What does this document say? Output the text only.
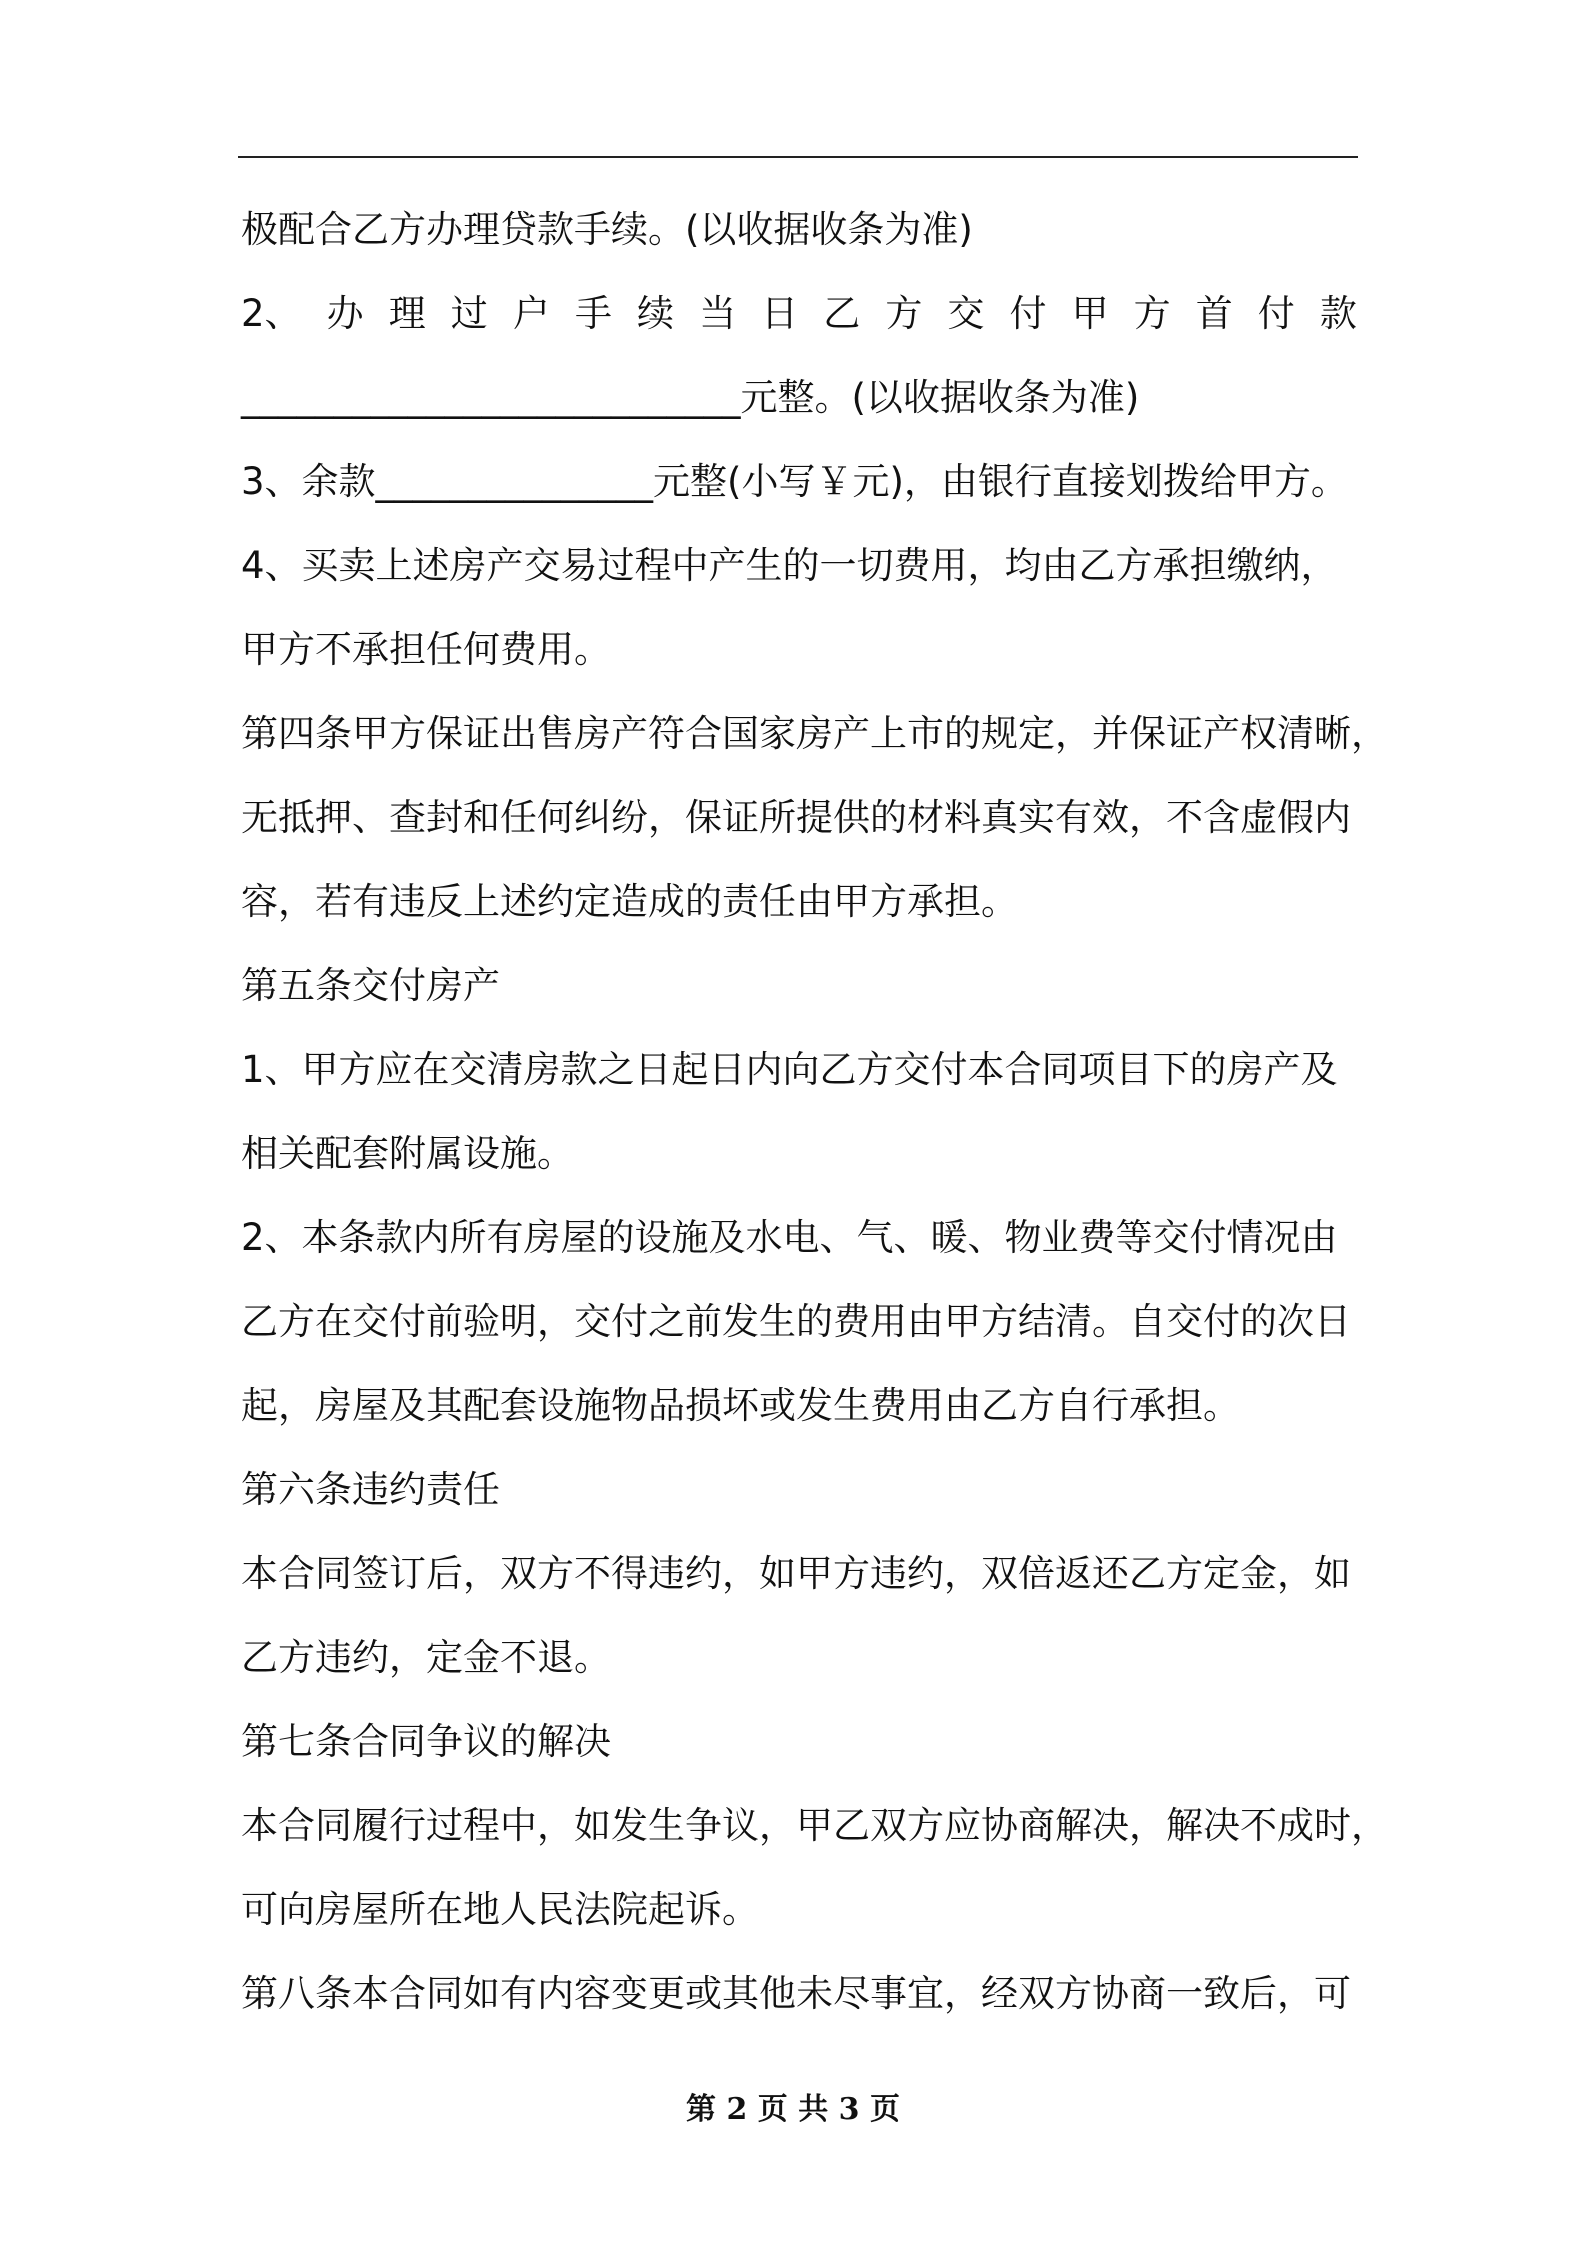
极配合乙方办理贷款手续。(以收据收条为准)
2、 办 理 过 户 手 续 当 日 乙 方 交 付 甲 方 首 付 款
___________________________元整。(以收据收条为准)
3、余款_______________元整(小写￥元)，由银行直接划拨给甲方。
4、买卖上述房产交易过程中产生的一切费用，均由乙方承担缴纳，
甲方不承担任何费用。
第四条甲方保证出售房产符合国家房产上市的规定，并保证产权清晰，
无抵押、查封和任何纠纷，保证所提供的材料真实有效，不含虚假内
容，若有违反上述约定造成的责任由甲方承担。
第五条交付房产
1、甲方应在交清房款之日起日内向乙方交付本合同项目下的房产及
相关配套附属设施。
2、本条款内所有房屋的设施及水电、气、暖、物业费等交付情况由
乙方在交付前验明，交付之前发生的费用由甲方结清。自交付的次日
起，房屋及其配套设施物品损坏或发生费用由乙方自行承担。
第六条违约责任
本合同签订后，双方不得违约，如甲方违约，双倍返还乙方定金，如
乙方违约，定金不退。
第七条合同争议的解决
本合同履行过程中，如发生争议，甲乙双方应协商解决，解决不成时，
可向房屋所在地人民法院起诉。
第八条本合同如有内容变更或其他未尽事宜，经双方协商一致后，可
第 2 页 共 3 页
